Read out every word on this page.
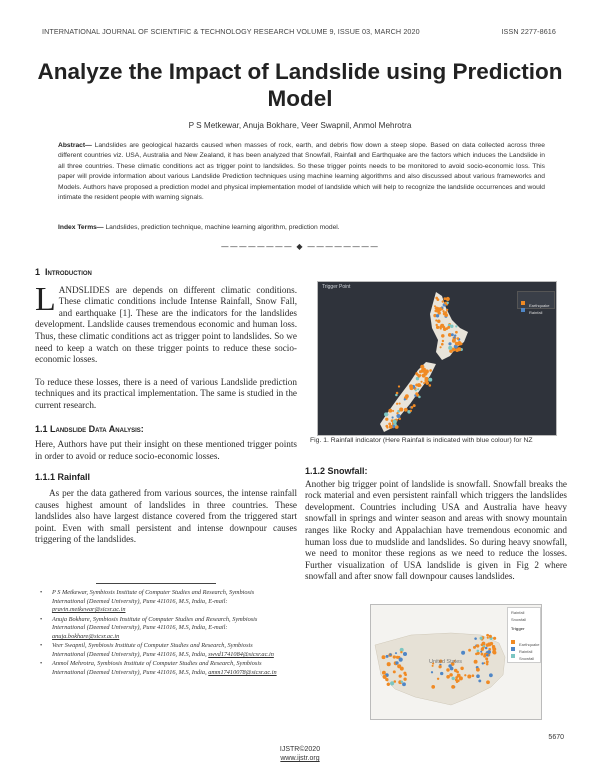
INTERNATIONAL JOURNAL OF SCIENTIFIC & TECHNOLOGY RESEARCH VOLUME 9, ISSUE 03, MARCH 2020	ISSN 2277-8616
Analyze the Impact of Landslide using Prediction Model
P S Metkewar, Anuja Bokhare, Veer Swapnil, Anmol Mehrotra
Abstract— Landslides are geological hazards caused when masses of rock, earth, and debris flow down a steep slope. Based on data collected across three different countries viz. USA, Australia and New Zealand, it has been analyzed that Snowfall, Rainfall and Earthquake are the factors which induces the Landslide in all three countries. These climatic conditions act as trigger point to landslides. So these trigger points needs to be monitored to avoid socio-economic loss. This paper will provide information about various Landslide Prediction techniques using machine learning algorithms and also discussed about various frameworks and Models. Authors have proposed a prediction model and physical implementation model of landslide which will help to recognize the landslide occurrences and would intimate the resident people with warning signals.
Index Terms— Landslides, prediction technique, machine learning algorithm, prediction model.
———————— ◆ ————————
1 Introduction

LANDSLIDES are depends on different climatic conditions. These climatic conditions include Intense Rainfall, Snow Fall, and earthquake [1]. These are the indicators for the landslides development. Landslide causes tremendous economic and human loss. Thus, these climatic conditions act as trigger point to landslides. So we need to keep a watch on these trigger points to reduce these socio-economic losses.

To reduce these losses, there is a need of various Landslide prediction techniques and its practical implementation. The same is studied in the current research.

1.1 Landslide Data Analysis:

Here, Authors have put their insight on these mentioned trigger points in order to avoid or reduce socio-economic losses.

1.1.1 Rainfall

As per the data gathered from various sources, the intense rainfall causes highest amount of landslides in three countries. These landslides also have largest distance covered from the triggered start point. Even with small persistent and intense downpour causes triggering of the landslides.

• P S Metkewar, Symbiosis Institute of Computer Studies and Research, Symbiosis International (Deemed University), Pune 411016, M.S, India, E-mail: pravin.metkewar@sicsr.ac.in
• Anuja Bokhare, Symbiosis Institute of Computer Studies and Research, Symbiosis International (Deemed University), Pune 411016, M.S, India, E-mail: anuja.bokhare@sicsr.ac.in
• Veer Swapnil, Symbiosis Institute of Computer Studies and Research, Symbiosis International (Deemed University), Pune 411016, M.S, India, swvd1741084@sicsr.ac.in
• Anmol Mehrotra, Symbiosis Institute of Computer Studies and Research, Symbiosis International (Deemed University), Pune 411016, M.S, India, amm17410078@sicsr.ac.in
Trigger Point
Earthquake
Rainfall
Fig. 1. Rainfall indicator (Here Rainfall is indicated with blue colour) for NZ
1.1.2 Snowfall:

Another big trigger point of landslide is snowfall. Snowfall breaks the rock material and even persistent rainfall which triggers the landslides development. Countries including USA and Australia have heavy snowfall in springs and winter season and areas with snowy mountain ranges like Rocky and Appalachian have tremendous economic and human loss due to mudslide and landslides. So during heavy snowfall, we need to monitor these regions as we need to reduce the losses. Further visualization of USA landslide is given in Fig 2 where snowfall and after snow fall downpour causes landslides.

United States
Rainfall
Snowfall
Trigger
Earthquake
Rainfall
Snowfall
IJSTR©2020
www.ijstr.org
5670
